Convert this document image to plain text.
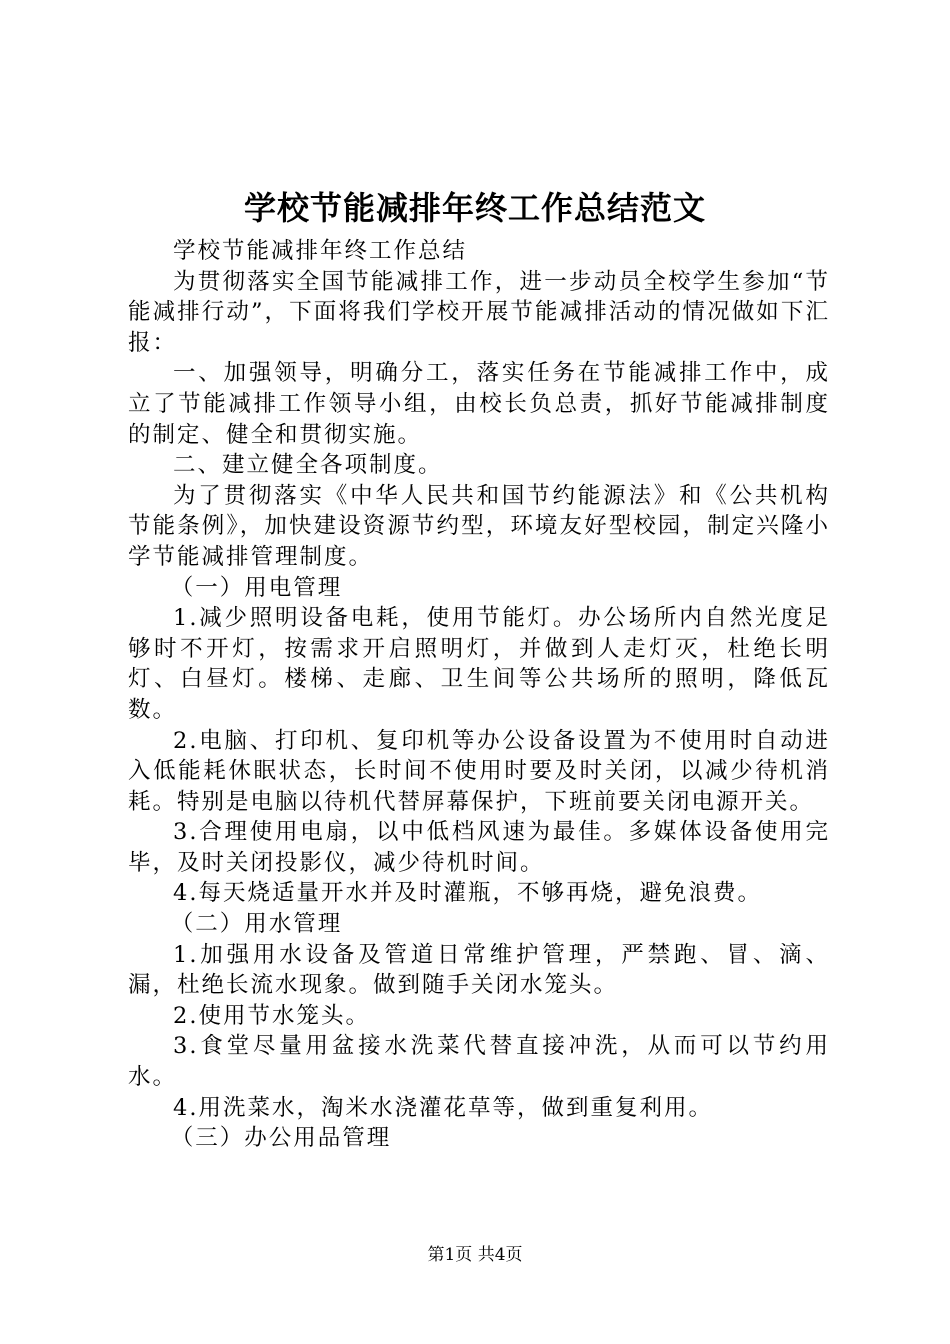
学校节能减排年终工作总结范文

学校节能减排年终工作总结

为贯彻落实全国节能减排工作，进一步动员全校学生参加“节能减排行动”，下面将我们学校开展节能减排活动的情况做如下汇报：

一、加强领导，明确分工，落实任务在节能减排工作中，成立了节能减排工作领导小组，由校长负总责，抓好节能减排制度的制定、健全和贯彻实施。

二、建立健全各项制度。

为了贯彻落实《中华人民共和国节约能源法》和《公共机构节能条例》，加快建设资源节约型，环境友好型校园，制定兴隆小学节能减排管理制度。

（一）用电管理

1.减少照明设备电耗，使用节能灯。办公场所内自然光度足够时不开灯，按需求开启照明灯，并做到人走灯灭，杜绝长明灯、白昼灯。楼梯、走廊、卫生间等公共场所的照明，降低瓦数。

2.电脑、打印机、复印机等办公设备设置为不使用时自动进入低能耗休眠状态，长时间不使用时要及时关闭，以减少待机消耗。特别是电脑以待机代替屏幕保护，下班前要关闭电源开关。

3.合理使用电扇，以中低档风速为最佳。多媒体设备使用完毕，及时关闭投影仪，减少待机时间。

4.每天烧适量开水并及时灌瓶，不够再烧，避免浪费。

（二）用水管理

1.加强用水设备及管道日常维护管理，严禁跑、冒、滴、漏，杜绝长流水现象。做到随手关闭水笼头。

2.使用节水笼头。

3.食堂尽量用盆接水洗菜代替直接冲洗，从而可以节约用水。

4.用洗菜水，淘米水浇灌花草等，做到重复利用。

（三）办公用品管理

第1页 共4页
